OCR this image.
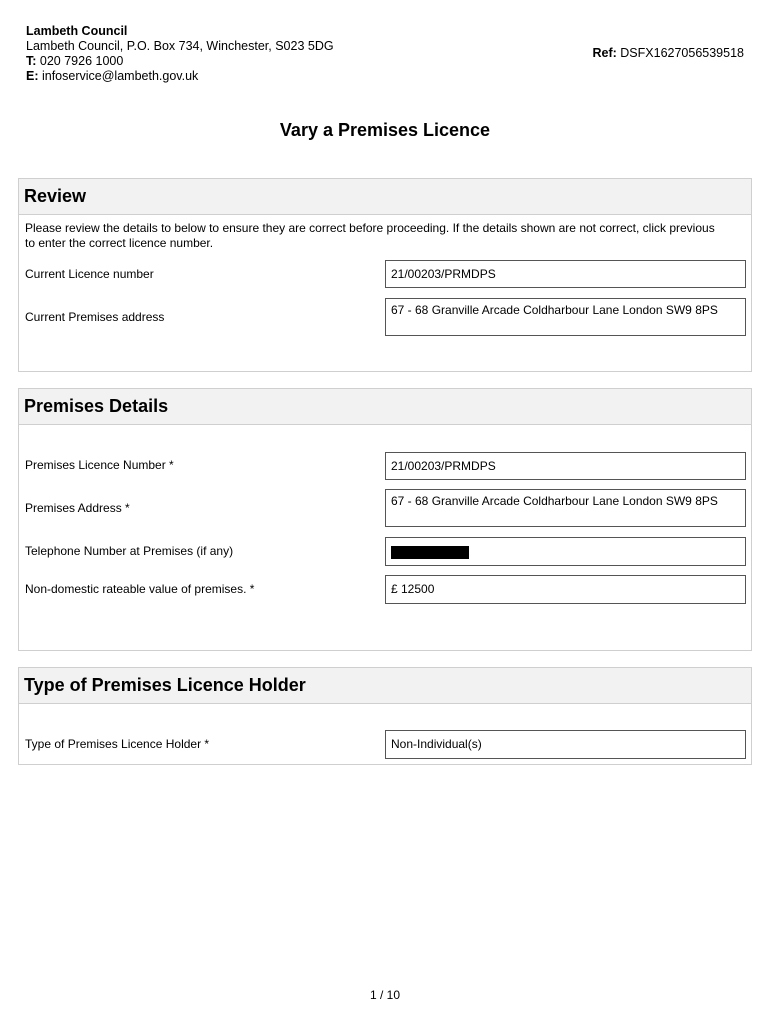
Lambeth Council
Lambeth Council, P.O. Box 734, Winchester, S023 5DG
T: 020 7926 1000
E: infoservice@lambeth.gov.uk
Ref: DSFX1627056539518
Vary a Premises Licence
Review
Please review the details to below to ensure they are correct before proceeding. If the details shown are not correct, click previous to enter the correct licence number.
Current Licence number	21/00203/PRMDPS
Current Premises address	67 - 68 Granville Arcade Coldharbour Lane London SW9 8PS
Premises Details
Premises Licence Number *	21/00203/PRMDPS
Premises Address *	67 - 68 Granville Arcade Coldharbour Lane London SW9 8PS
Telephone Number at Premises (if any)
Non-domestic rateable value of premises. *	£ 12500
Type of Premises Licence Holder
Type of Premises Licence Holder *	Non-Individual(s)
1 / 10
